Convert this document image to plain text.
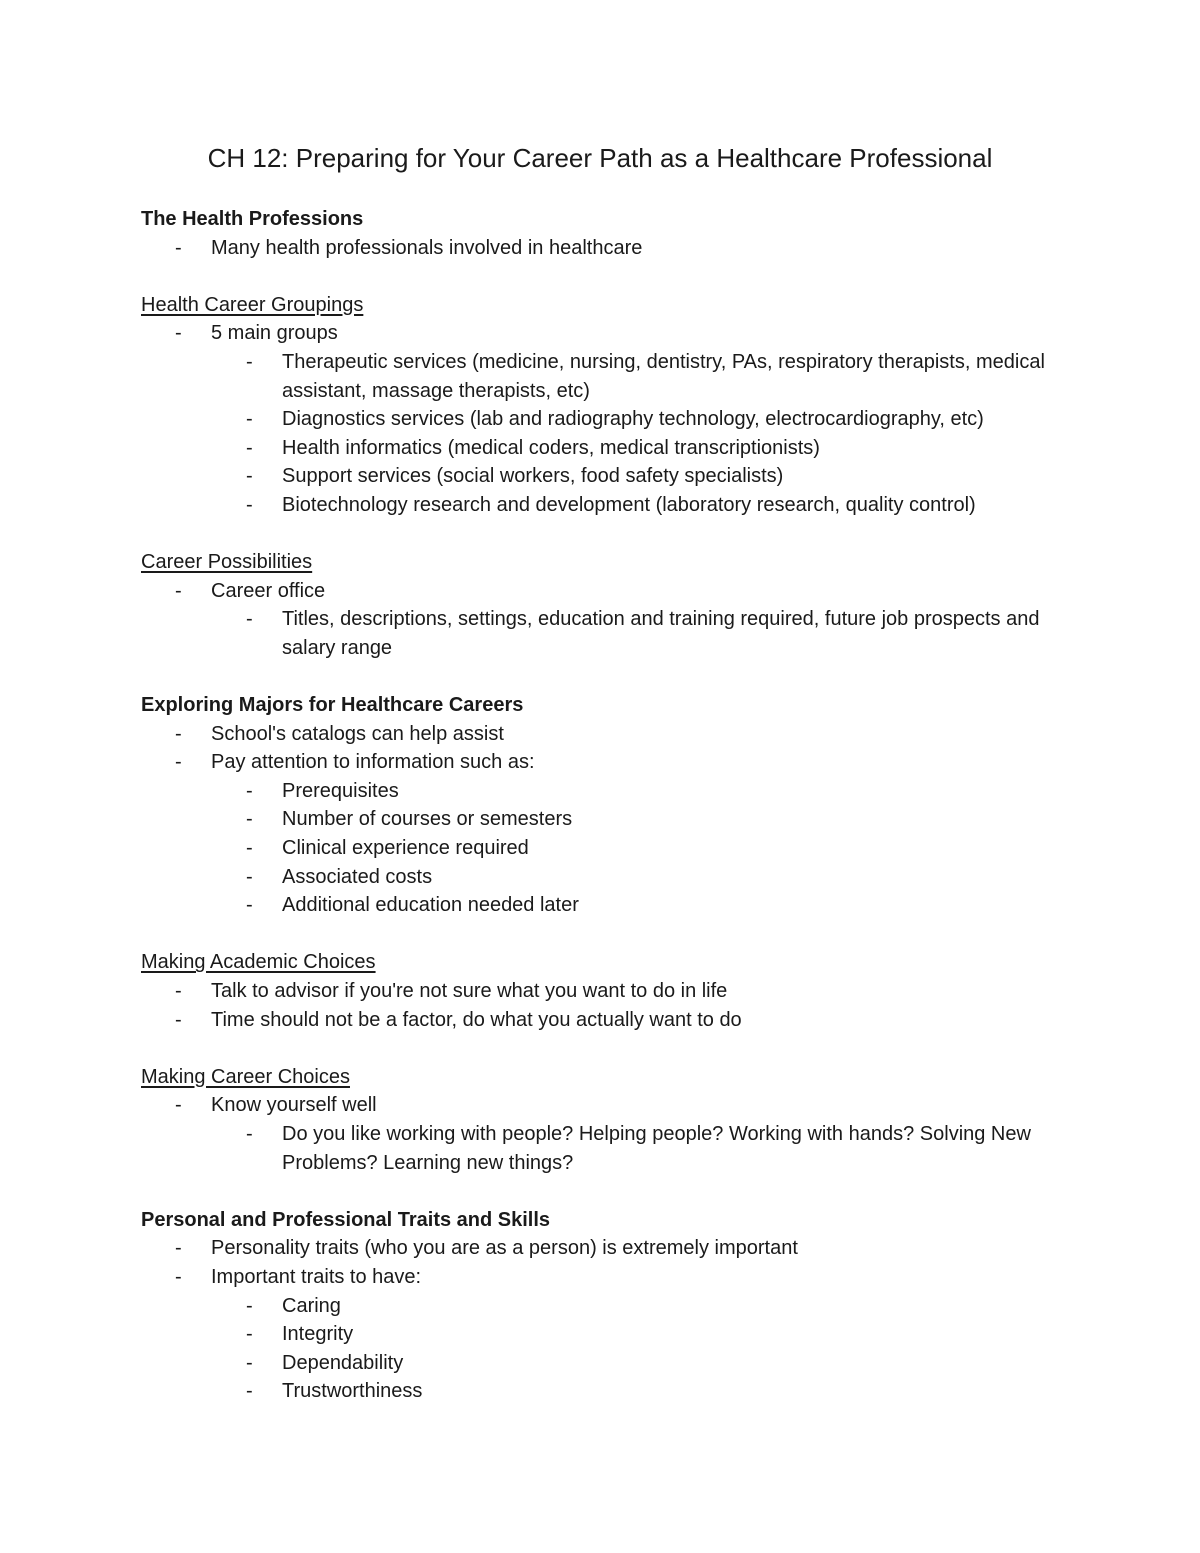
CH 12: Preparing for Your Career Path as a Healthcare Professional

The Health Professions

- Many health professionals involved in healthcare

Health Career Groupings

- 5 main groups
- Therapeutic services (medicine, nursing, dentistry, PAs, respiratory therapists, medical assistant, massage therapists, etc)
- Diagnostics services (lab and radiography technology, electrocardiography, etc)
- Health informatics (medical coders, medical transcriptionists)
- Support services (social workers, food safety specialists)
- Biotechnology research and development (laboratory research, quality control)

Career Possibilities

- Career office
- Titles, descriptions, settings, education and training required, future job prospects and salary range

Exploring Majors for Healthcare Careers

- School's catalogs can help assist
- Pay attention to information such as:
- Prerequisites
- Number of courses or semesters
- Clinical experience required
- Associated costs
- Additional education needed later

Making Academic Choices

- Talk to advisor if you're not sure what you want to do in life
- Time should not be a factor, do what you actually want to do

Making Career Choices

- Know yourself well
- Do you like working with people? Helping people? Working with hands? Solving New Problems? Learning new things?

Personal and Professional Traits and Skills

- Personality traits (who you are as a person) is extremely important
- Important traits to have:
- Caring
- Integrity
- Dependability
- Trustworthiness
